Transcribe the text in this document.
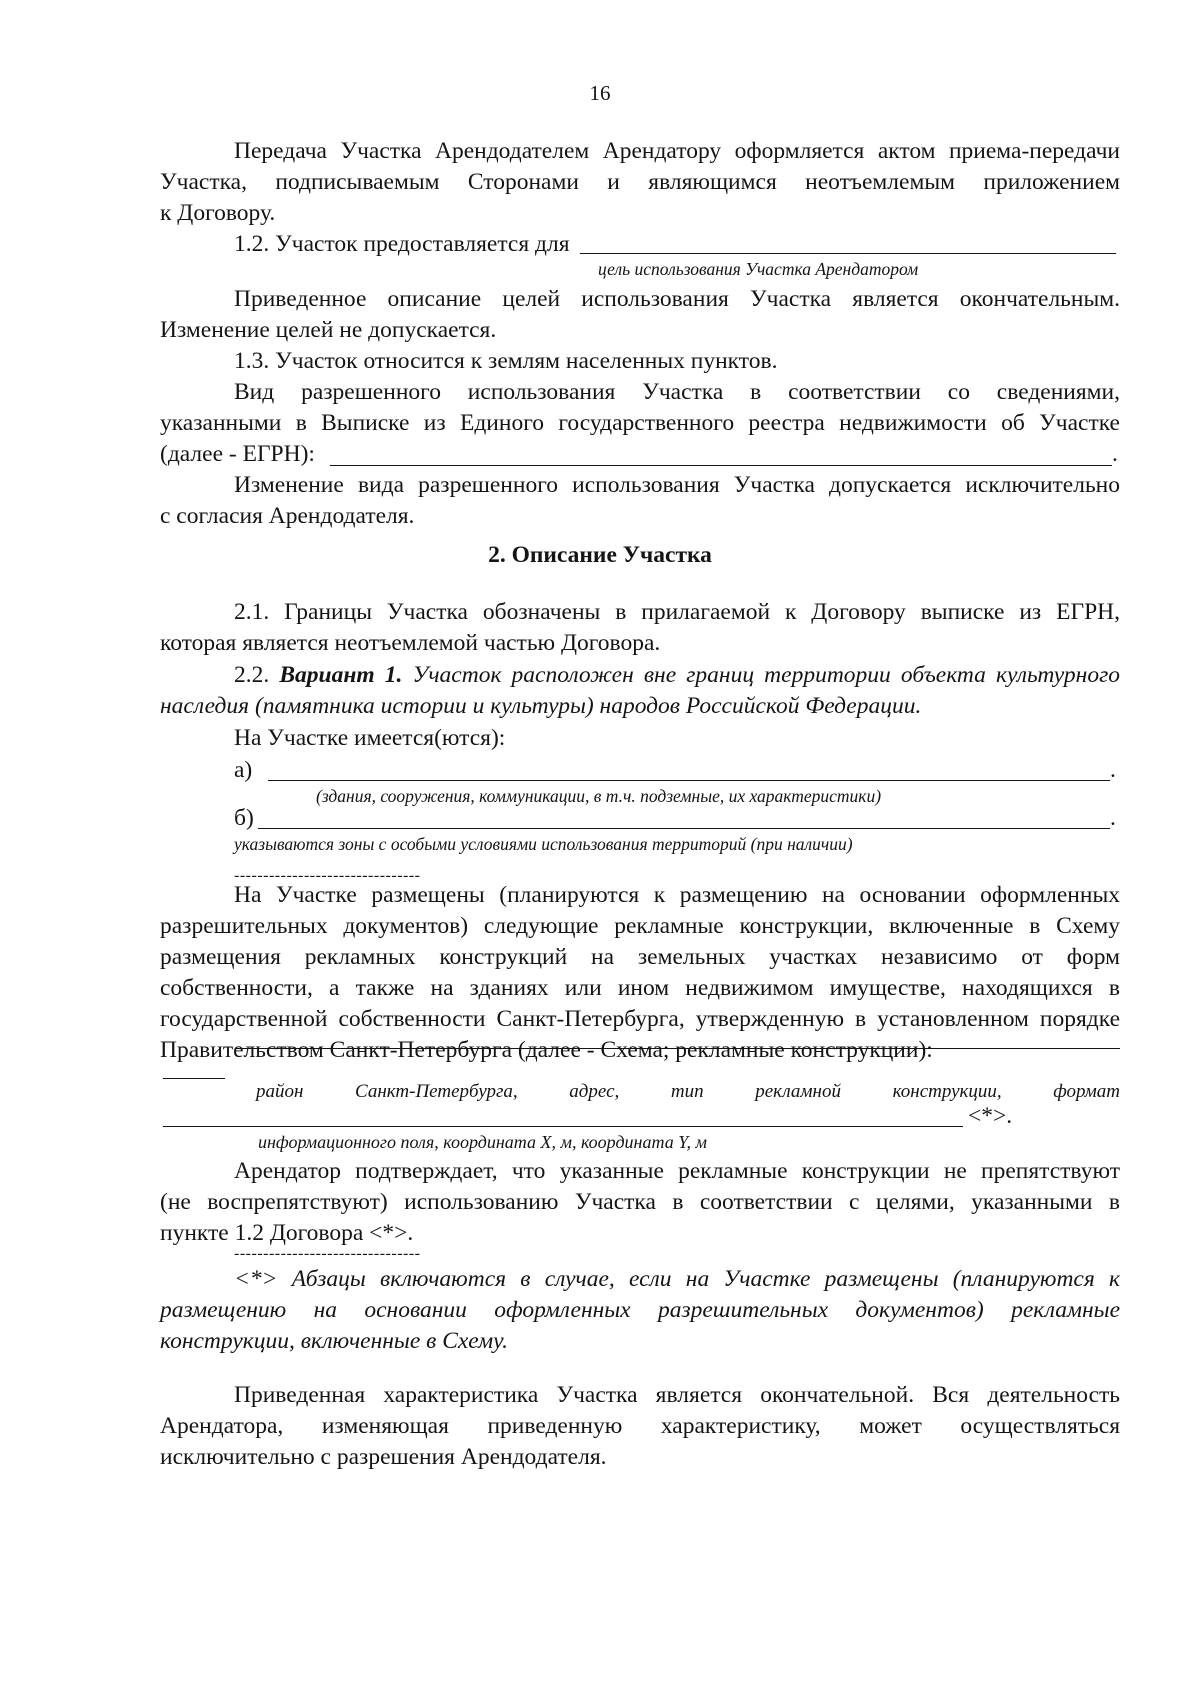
16
Передача Участка Арендодателем Арендатору оформляется актом приема-передачи
Участка, подписываемым Сторонами и являющимся неотъемлемым приложением
к Договору.
1.2. Участок предоставляется для
цель использования Участка Арендатором
Приведенное описание целей использования Участка является окончательным.
Изменение целей не допускается.
1.3. Участок относится к землям населенных пунктов.
Вид разрешенного использования Участка в соответствии со сведениями,
указанными в Выписке из Единого государственного реестра недвижимости об Участке
(далее - ЕГРН):	.
Изменение вида разрешенного использования Участка допускается исключительно
с согласия Арендодателя.
2. Описание Участка
2.1. Границы Участка обозначены в прилагаемой к Договору выписке из ЕГРН,
которая является неотъемлемой частью Договора.
2.2. Вариант 1. Участок расположен вне границ территории объекта культурного
наследия (памятника истории и культуры) народов Российской Федерации.
На Участке имеется(ются):
а)	.
(здания, сооружения, коммуникации, в т.ч. подземные, их характеристики)
б)	.
указываются зоны с особыми условиями использования территорий (при наличии)
--------------------------------
На Участке размещены (планируются к размещению на основании оформленных
разрешительных документов) следующие рекламные конструкции, включенные в Схему
размещения рекламных конструкций на земельных участках независимо от форм
собственности, а также на зданиях или ином недвижимом имуществе, находящихся в
государственной собственности Санкт-Петербурга, утвержденную в установленном порядке
Правительством Санкт-Петербурга (далее - Схема; рекламные конструкции):
район	Санкт-Петербурга,	адрес,	тип	рекламной	конструкции,	формат
<*>.
информационного поля, координата X, м, координата Y, м
Арендатор подтверждает, что указанные рекламные конструкции не препятствуют
(не воспрепятствуют) использованию Участка в соответствии с целями, указанными в
пункте 1.2 Договора <*>.
--------------------------------
<*> Абзацы включаются в случае, если на Участке размещены (планируются к
размещению на основании оформленных разрешительных документов) рекламные
конструкции, включенные в Схему.
Приведенная характеристика Участка является окончательной. Вся деятельность
Арендатора, изменяющая приведенную характеристику, может осуществляться
исключительно с разрешения Арендодателя.
